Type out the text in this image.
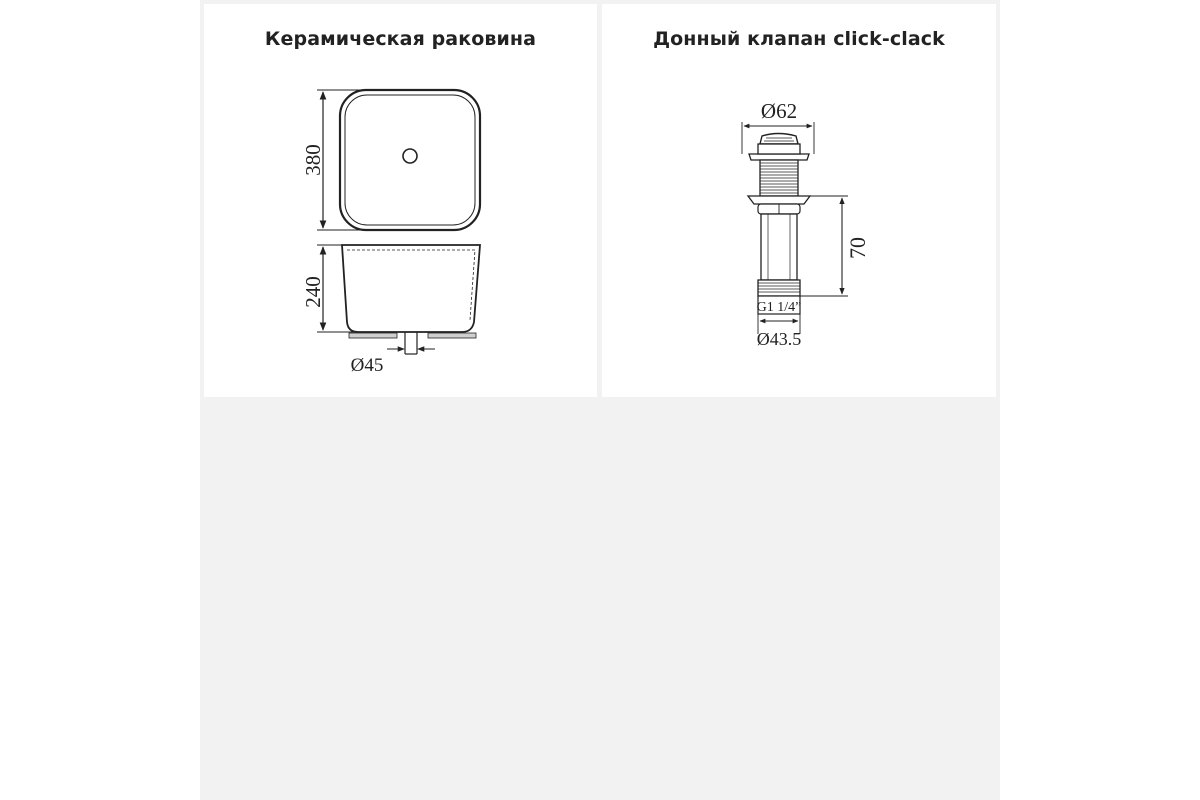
Керамическая раковина
380
240
Ø45
Донный клапан click-clack
Ø62
G1 1/4”
Ø43.5
70
